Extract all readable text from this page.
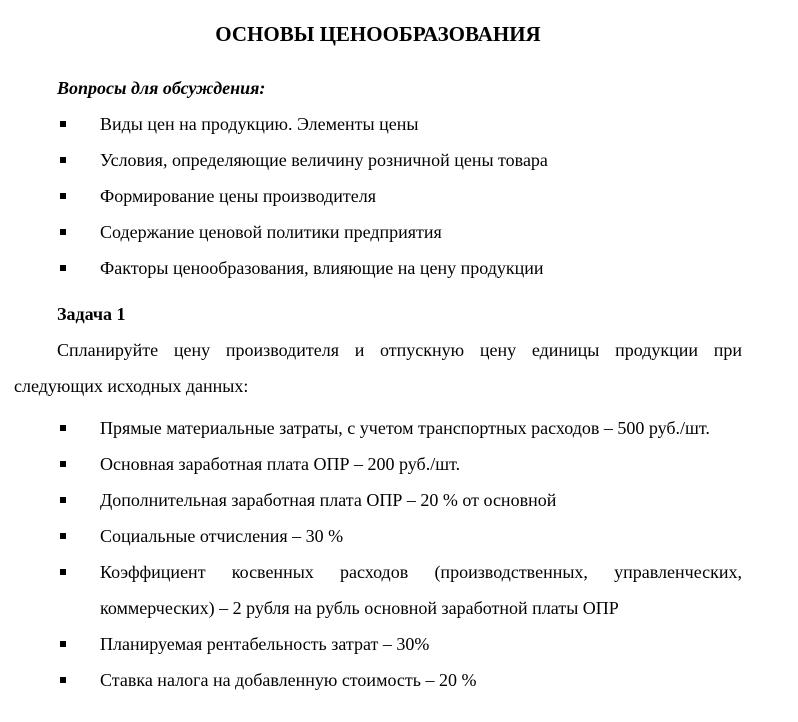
ОСНОВЫ ЦЕНООБРАЗОВАНИЯ
Вопросы для обсуждения:
Виды цен на продукцию. Элементы цены
Условия, определяющие величину розничной цены товара
Формирование цены производителя
Содержание ценовой политики предприятия
Факторы ценообразования, влияющие на цену продукции
Задача 1

Спланируйте цену производителя и отпускную цену единицы продукции при следующих исходных данных:

Прямые материальные затраты, с учетом транспортных расходов – 500 руб./шт.
Основная заработная плата ОПР – 200 руб./шт.
Дополнительная заработная плата ОПР – 20 % от основной
Социальные отчисления – 30 %
Коэффициент косвенных расходов (производственных, управленческих, коммерческих) – 2 рубля на рубль основной заработной платы ОПР
Планируемая рентабельность затрат – 30%
Ставка налога на добавленную стоимость – 20 %
